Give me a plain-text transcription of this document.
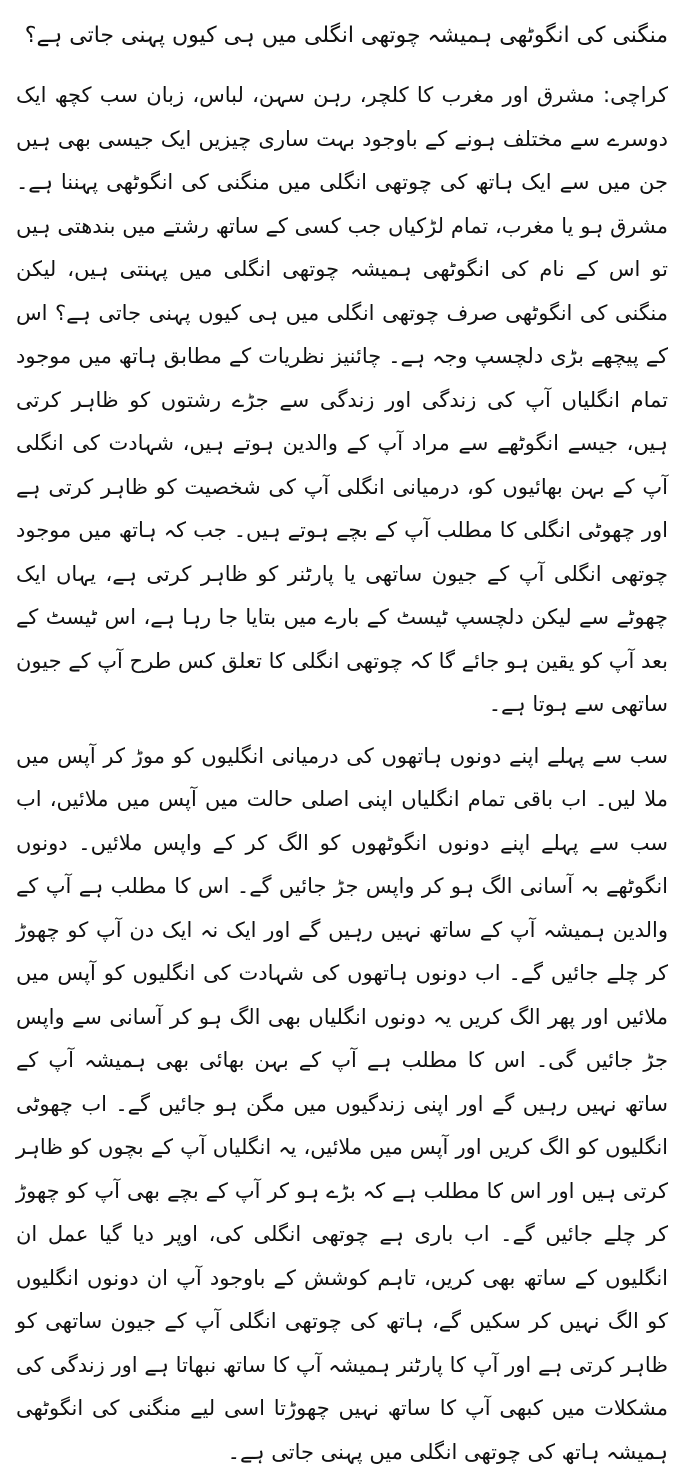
منگنی کی انگوٹھی ہمیشہ چوتھی انگلی میں ہی کیوں پہنی جاتی ہے؟

کراچی: مشرق اور مغرب کا کلچر، رہن سہن، لباس، زبان سب کچھ ایک دوسرے سے مختلف ہونے کے باوجود بہت ساری چیزیں ایک جیسی بھی ہیں جن میں سے ایک ہاتھ کی چوتھی انگلی میں منگنی کی انگوٹھی پہننا ہے۔ مشرق ہو یا مغرب، تمام لڑکیاں جب کسی کے ساتھ رشتے میں بندھتی ہیں تو اس کے نام کی انگوٹھی ہمیشہ چوتھی انگلی میں پہنتی ہیں، لیکن منگنی کی انگوٹھی صرف چوتھی انگلی میں ہی کیوں پہنی جاتی ہے؟ اس کے پیچھے بڑی دلچسپ وجہ ہے۔ چائنیز نظریات کے مطابق ہاتھ میں موجود تمام انگلیاں آپ کی زندگی اور زندگی سے جڑے رشتوں کو ظاہر کرتی ہیں، جیسے انگوٹھے سے مراد آپ کے والدین ہوتے ہیں، شہادت کی انگلی آپ کے بہن بھائیوں کو، درمیانی انگلی آپ کی شخصیت کو ظاہر کرتی ہے اور چھوٹی انگلی کا مطلب آپ کے بچے ہوتے ہیں۔ جب کہ ہاتھ میں موجود چوتھی انگلی آپ کے جیون ساتھی یا پارٹنر کو ظاہر کرتی ہے، یہاں ایک چھوٹے سے لیکن دلچسپ ٹیسٹ کے بارے میں بتایا جا رہا ہے، اس ٹیسٹ کے بعد آپ کو یقین ہو جائے گا کہ چوتھی انگلی کا تعلق کس طرح آپ کے جیون ساتھی سے ہوتا ہے۔

سب سے پہلے اپنے دونوں ہاتھوں کی درمیانی انگلیوں کو موڑ کر آپس میں ملا لیں۔ اب باقی تمام انگلیاں اپنی اصلی حالت میں آپس میں ملائیں، اب سب سے پہلے اپنے دونوں انگوٹھوں کو الگ کر کے واپس ملائیں۔ دونوں انگوٹھے بہ آسانی الگ ہو کر واپس جڑ جائیں گے۔ اس کا مطلب ہے آپ کے والدین ہمیشہ آپ کے ساتھ نہیں رہیں گے اور ایک نہ ایک دن آپ کو چھوڑ کر چلے جائیں گے۔ اب دونوں ہاتھوں کی شہادت کی انگلیوں کو آپس میں ملائیں اور پھر الگ کریں یہ دونوں انگلیاں بھی الگ ہو کر آسانی سے واپس جڑ جائیں گی۔ اس کا مطلب ہے آپ کے بہن بھائی بھی ہمیشہ آپ کے ساتھ نہیں رہیں گے اور اپنی زندگیوں میں مگن ہو جائیں گے۔ اب چھوٹی انگلیوں کو الگ کریں اور آپس میں ملائیں، یہ انگلیاں آپ کے بچوں کو ظاہر کرتی ہیں اور اس کا مطلب ہے کہ بڑے ہو کر آپ کے بچے بھی آپ کو چھوڑ کر چلے جائیں گے۔ اب باری ہے چوتھی انگلی کی، اوپر دیا گیا عمل ان انگلیوں کے ساتھ بھی کریں، تاہم کوشش کے باوجود آپ ان دونوں انگلیوں کو الگ نہیں کر سکیں گے، ہاتھ کی چوتھی انگلی آپ کے جیون ساتھی کو ظاہر کرتی ہے اور آپ کا پارٹنر ہمیشہ آپ کا ساتھ نبھاتا ہے اور زندگی کی مشکلات میں کبھی آپ کا ساتھ نہیں چھوڑتا اسی لیے منگنی کی انگوٹھی ہمیشہ ہاتھ کی چوتھی انگلی میں پہنی جاتی ہے۔
